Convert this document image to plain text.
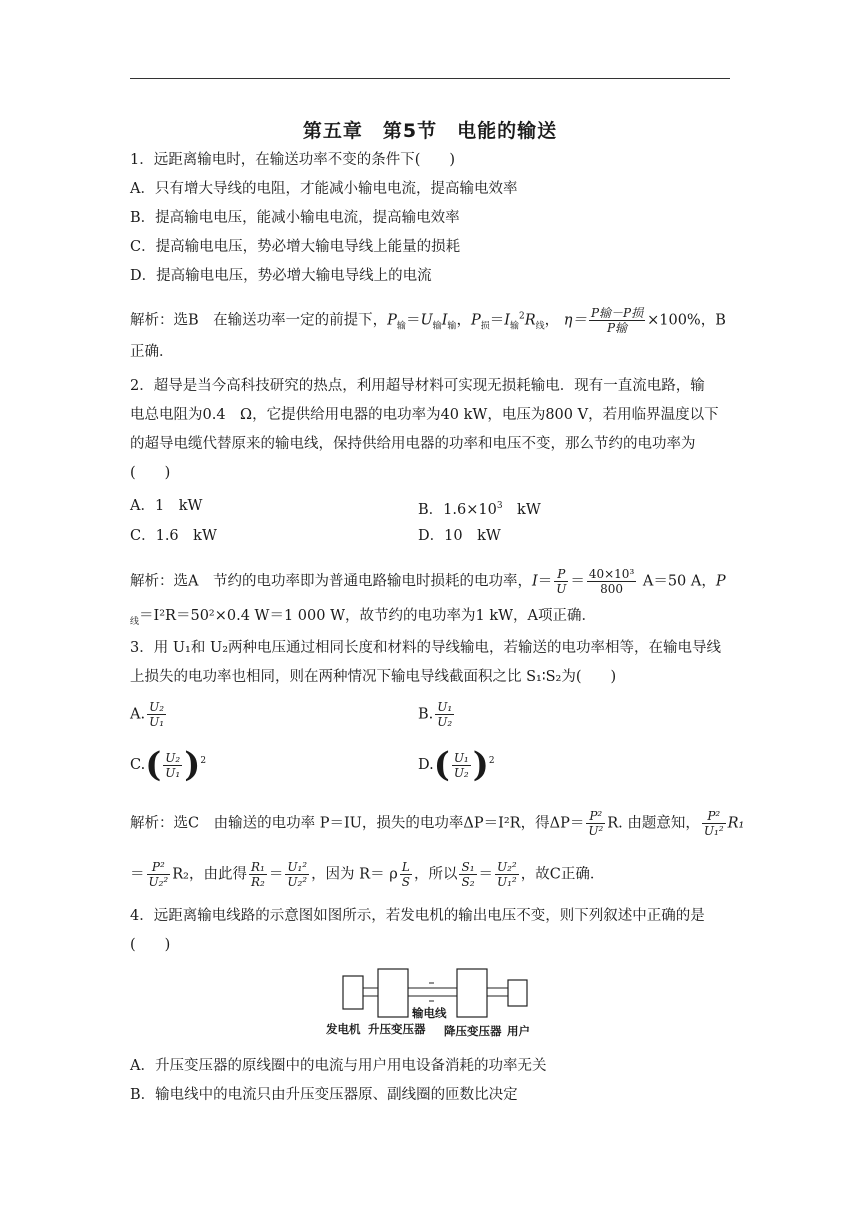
第五章　第5节　电能的输送
1．远距离输电时，在输送功率不变的条件下(　　)
A．只有增大导线的电阻，才能减小输电电流，提高输电效率
B．提高输电电压，能减小输电电流，提高输电效率
C．提高输电电压，势必增大输电导线上能量的损耗
D．提高输电电压，势必增大输电导线上的电流
解析：选B　在输送功率一定的前提下，$P_输=U_输I_输$，$P_损=I_输^2R_线$， $\eta= \frac{\text{P输－P损}}{\text{P输}} \times 100\%$，B
正确．
2．超导是当今高科技研究的热点，利用超导材料可实现无损耗输电．现有一直流电路，输
电总电阻为0.4　Ω，它提供给用电器的电功率为40 kW，电压为800 V，若用临界温度以下
的超导电缆代替原来的输电线，保持供给用电器的功率和电压不变，那么节约的电功率为
(　　)
A．1　kW	B．$1.6\times 10^3$　kW
C．1.6　kW	D．10　kW
解析：选A　节约的电功率即为普通电路输电时损耗的电功率，$I= \frac{P}{U} = \frac{\text{40×10³}}{800} A=50$ A，P
$_线$＝I²R＝50²×0.4 W＝1 000 W，故节约的电功率为1 kW，A项正确．
3．用 U₁和 U₂两种电压通过相同长度和材料的导线输电，若输送的电功率相等，在输电导线
上损失的电功率也相同，则在两种情况下输电导线截面积之比 S₁∶S₂为(　　)
A. $\frac{\text{U₂}}{\text{U₁}}$	B. $\frac{\text{U₁}}{\text{U₂}}$
$C.( \frac{\text{U₂}}{\text{U₁}} )^2$	$D.( \frac{\text{U₁}}{\text{U₂}} )^2$
解析：选C　由输送的电功率 P＝IU，损失的电功率ΔP＝I²R，得$\Delta P= \frac{\text{P²}}{\text{U²}} R$. 由题意知， $\frac{\text{P²}}{\text{U₁²}} R_1$
＝ $\frac{\text{P²}}{\text{U₂²}} R_2$，由此得 $\frac{\text{R₁}}{\text{R₂}} = \frac{\text{U₁²}}{\text{U₂²}}$ ，因为 R＝ ρ $\frac{L}{S}$ ，所以 $\frac{\text{S₁}}{\text{S₂}} = \frac{\text{U₂²}}{\text{U₁²}}$ ，故C正确．
4．远距离输电线路的示意图如图所示，若发电机的输出电压不变，则下列叙述中正确的是
(　　)
输电线
发电机 升压变压器 降压变压器 用户
A．升压变压器的原线圈中的电流与用户用电设备消耗的功率无关
B．输电线中的电流只由升压变压器原、副线圈的匝数比决定
